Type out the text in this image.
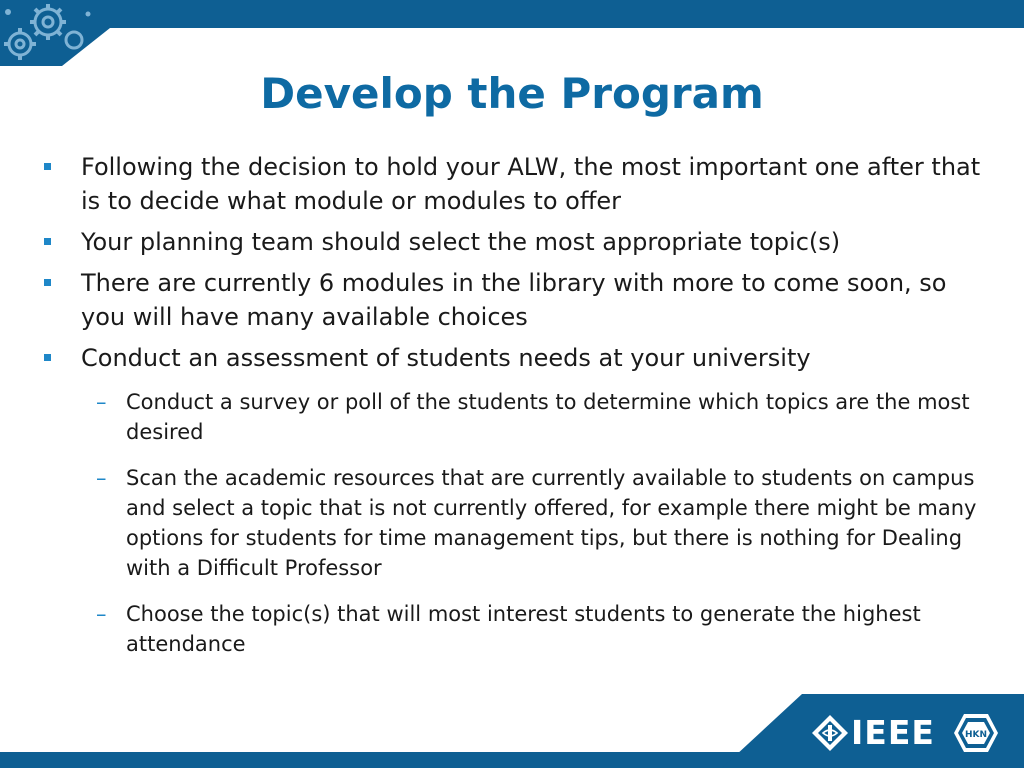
Develop the Program
Following the decision to hold your ALW, the most important one after that is to decide what module or modules to offer
Your planning team should select the most appropriate topic(s)
There are currently 6 modules in the library with more to come soon, so you will have many available choices
Conduct an assessment of students needs at your university
– Conduct a survey or poll of the students to determine which topics are the most desired
– Scan the academic resources that are currently available to students on campus and select a topic that is not currently offered, for example there might be many options for students for time management tips, but there is nothing for Dealing with a Difficult Professor
– Choose the topic(s) that will most interest students to generate the highest attendance
IEEE	HKN
